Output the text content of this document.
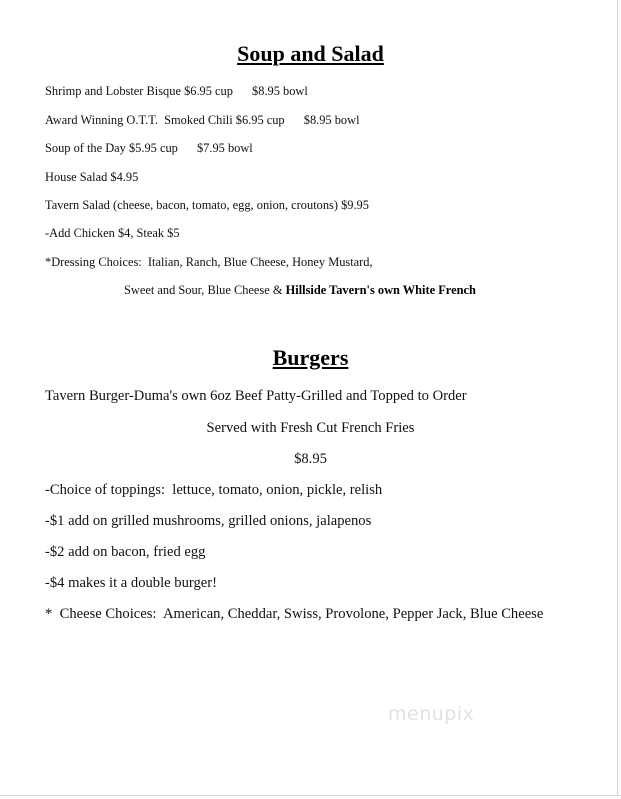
Soup and Salad
Shrimp and Lobster Bisque $6.95 cup $8.95 bowl
Award Winning O.T.T.  Smoked Chili $6.95 cup $8.95 bowl
Soup of the Day $5.95 cup $7.95 bowl
House Salad $4.95
Tavern Salad (cheese, bacon, tomato, egg, onion, croutons) $9.95
-Add Chicken $4, Steak $5
*Dressing Choices:  Italian, Ranch, Blue Cheese, Honey Mustard,
Sweet and Sour, Blue Cheese & Hillside Tavern's own White French
Burgers
Tavern Burger-Duma's own 6oz Beef Patty-Grilled and Topped to Order
Served with Fresh Cut French Fries
$8.95
-Choice of toppings:  lettuce, tomato, onion, pickle, relish
-$1 add on grilled mushrooms, grilled onions, jalapenos
-$2 add on bacon, fried egg
-$4 makes it a double burger!
*  Cheese Choices:  American, Cheddar, Swiss, Provolone, Pepper Jack, Blue Cheese
menupix
